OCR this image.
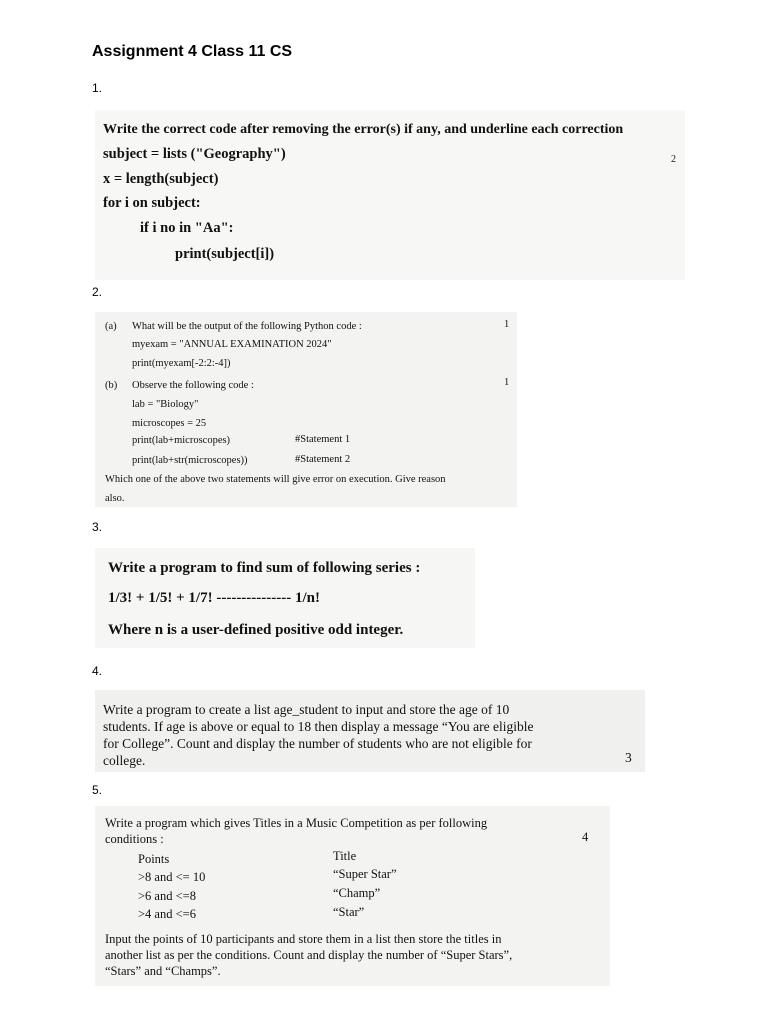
Assignment 4 Class 11 CS
1.
Write the correct code after removing the error(s) if any, and underline each correction
subject = lists ("Geography")
x = length(subject)
for i on subject:
if i no in "Aa":
print(subject[i])
2
2.
(a) What will be the output of the following Python code :
myexam = "ANNUAL EXAMINATION 2024"
print(myexam[-2:2:-4])
1
(b) Observe the following code :
lab = "Biology"
microscopes = 25
print(lab+microscopes)	#Statement 1
print(lab+str(microscopes))	#Statement 2
1
Which one of the above two statements will give error on execution. Give reason
also.
3.
Write a program to find sum of following series :
1/3! + 1/5! + 1/7! --------------- 1/n!
Where n is a user-defined positive odd integer.
4.
Write a program to create a list age_student to input and store the age of 10
students. If age is above or equal to 18 then display a message “You are eligible
for College”. Count and display the number of students who are not eligible for
college.	3
5.
Write a program which gives Titles in a Music Competition as per following
conditions :	4
Points	Title
>8 and <= 10	“Super Star”
>6 and <=8	“Champ”
>4 and <=6	“Star”
Input the points of 10 participants and store them in a list then store the titles in
another list as per the conditions. Count and display the number of “Super Stars”,
“Stars” and “Champs”.
